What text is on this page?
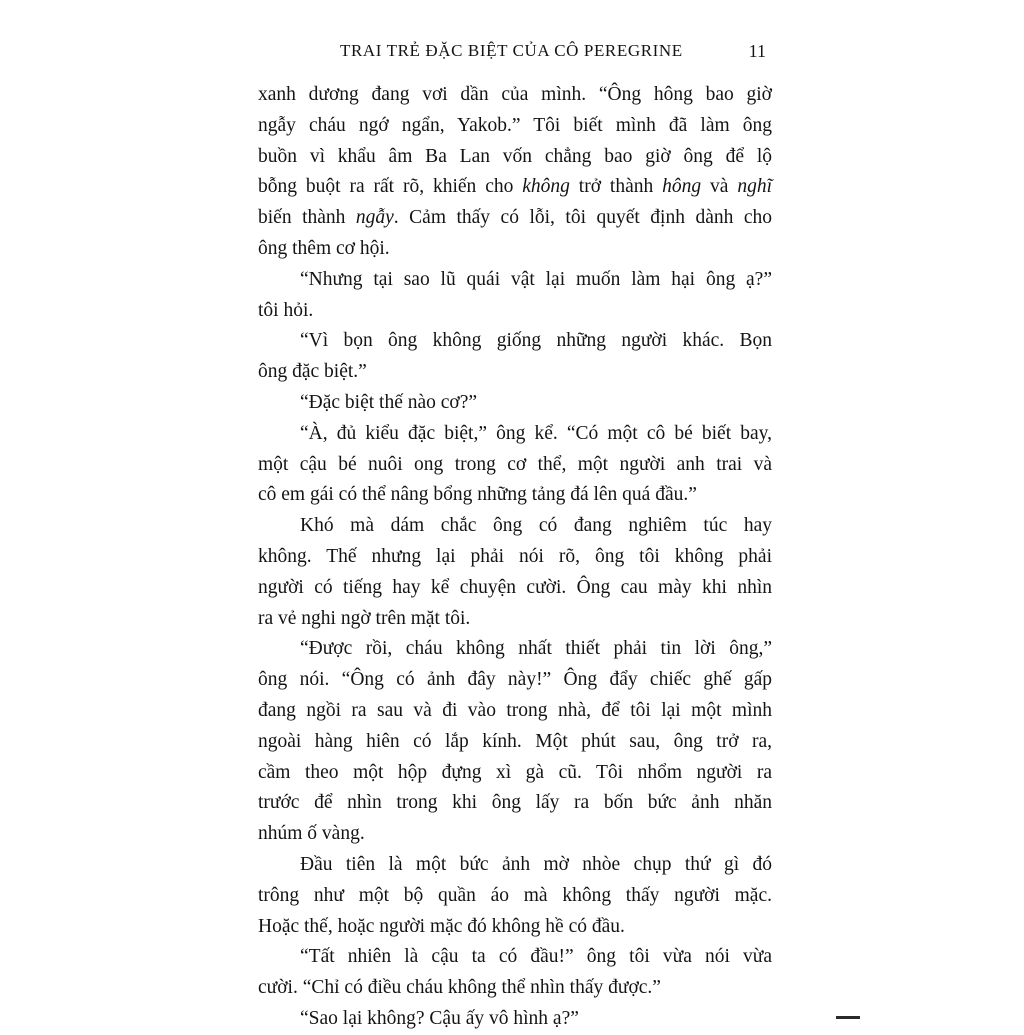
TRAI TRẺ ĐẶC BIỆT CỦA CÔ PEREGRINE	11
xanh dương đang vơi dần của mình. “Ông hông bao giờ
ngẫy cháu ngớ ngẩn, Yakob.” Tôi biết mình đã làm ông
buồn vì khẩu âm Ba Lan vốn chẳng bao giờ ông để lộ
bỗng buột ra rất rõ, khiến cho không trở thành hông và nghĩ
biến thành ngẫy. Cảm thấy có lỗi, tôi quyết định dành cho
ông thêm cơ hội.
“Nhưng tại sao lũ quái vật lại muốn làm hại ông ạ?”
tôi hỏi.
“Vì bọn ông không giống những người khác. Bọn
ông đặc biệt.”
“Đặc biệt thế nào cơ?”
“À, đủ kiểu đặc biệt,” ông kể. “Có một cô bé biết bay,
một cậu bé nuôi ong trong cơ thể, một người anh trai và
cô em gái có thể nâng bổng những tảng đá lên quá đầu.”
Khó mà dám chắc ông có đang nghiêm túc hay
không. Thế nhưng lại phải nói rõ, ông tôi không phải
người có tiếng hay kể chuyện cười. Ông cau mày khi nhìn
ra vẻ nghi ngờ trên mặt tôi.
“Được rồi, cháu không nhất thiết phải tin lời ông,”
ông nói. “Ông có ảnh đây này!” Ông đẩy chiếc ghế gấp
đang ngồi ra sau và đi vào trong nhà, để tôi lại một mình
ngoài hàng hiên có lắp kính. Một phút sau, ông trở ra,
cầm theo một hộp đựng xì gà cũ. Tôi nhổm người ra
trước để nhìn trong khi ông lấy ra bốn bức ảnh nhăn
nhúm ố vàng.
Đầu tiên là một bức ảnh mờ nhòe chụp thứ gì đó
trông như một bộ quần áo mà không thấy người mặc.
Hoặc thế, hoặc người mặc đó không hề có đầu.
“Tất nhiên là cậu ta có đầu!” ông tôi vừa nói vừa
cười. “Chỉ có điều cháu không thể nhìn thấy được.”
“Sao lại không? Cậu ấy vô hình ạ?”
